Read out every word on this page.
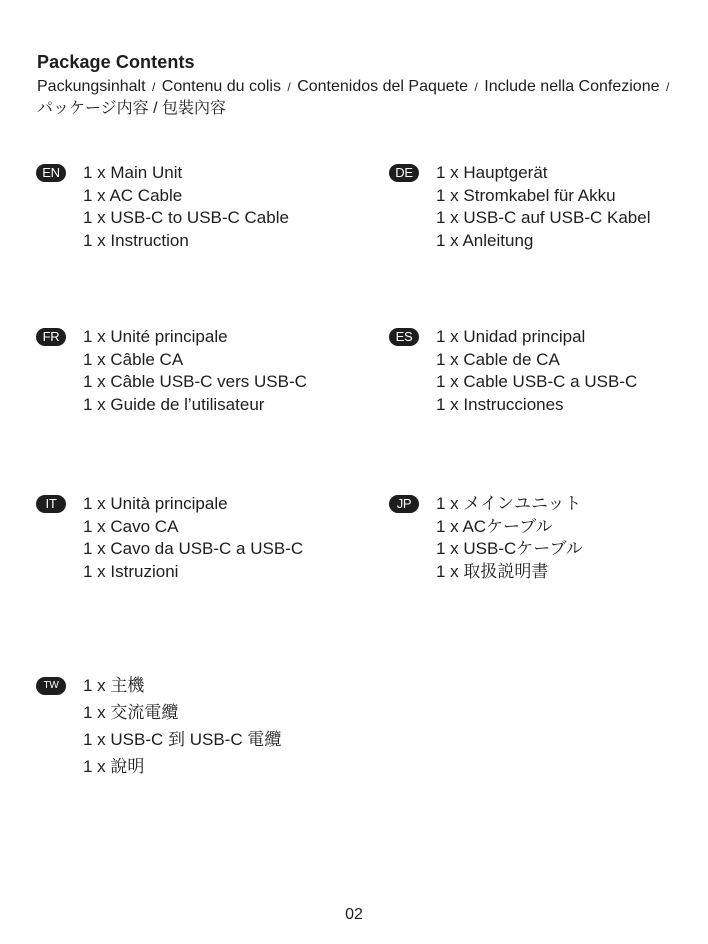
Package Contents
Packungsinhalt / Contenu du colis / Contenidos del Paquete / Include nella Confezione / パッケージ内容 / 包裝內容
EN	1 x Main Unit
1 x AC Cable
1 x USB-C to USB-C Cable
1 x Instruction
DE	1 x Hauptgerät
1 x Stromkabel für Akku
1 x USB-C auf USB-C Kabel
1 x Anleitung
FR	1 x Unité principale
1 x Câble CA
1 x Câble USB-C vers USB-C
1 x Guide de l’utilisateur
ES	1 x Unidad principal
1 x Cable de CA
1 x Cable USB-C a USB-C
1 x Instrucciones
IT	1 x Unità principale
1 x Cavo CA
1 x Cavo da USB-C a USB-C
1 x Istruzioni
JP	1 x メインユニット
1 x ACケーブル
1 x USB-Cケーブル
1 x 取扱説明書
TW	1 x 主機
1 x 交流電纜
1 x USB-C 到 USB-C 電纜
1 x 說明
02
